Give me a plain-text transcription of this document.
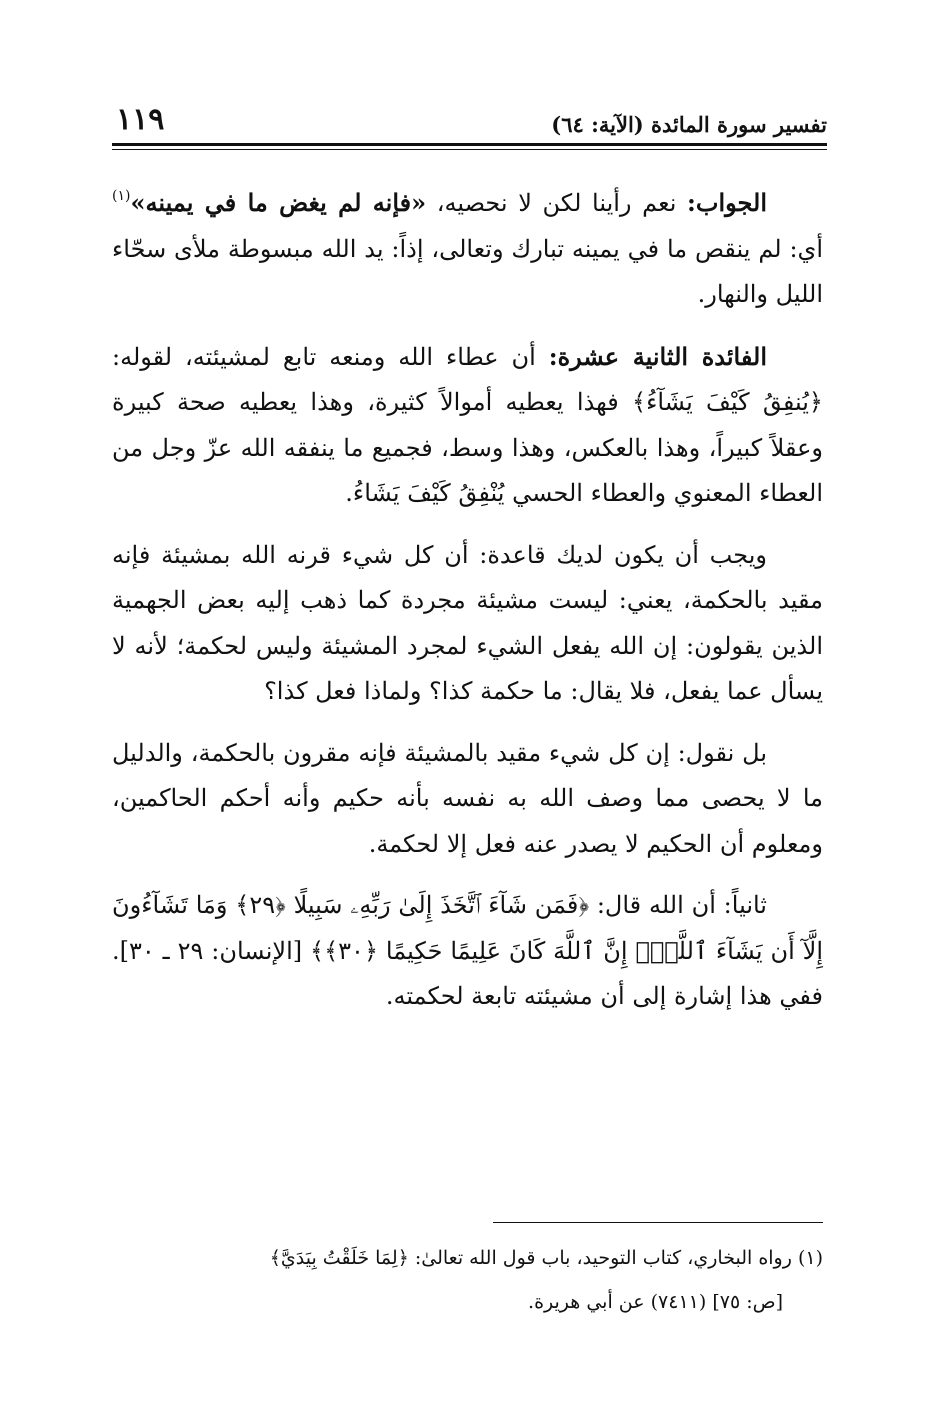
تفسير سورة المائدة (الآية: ٦٤)
١١٩

الجواب: نعم رأينا لكن لا نحصيه، «فإنه لم يغض ما في يمينه»$^{(١)}$ أي: لم ينقص ما في يمينه تبارك وتعالى، إذاً: يد الله مبسوطة ملأى سحّاء الليل والنهار.

الفائدة الثانية عشرة: أن عطاء الله ومنعه تابع لمشيئته، لقوله: ﴿يُنفِقُ كَيْفَ يَشَآءُ﴾ فهذا يعطيه أموالاً كثيرة، وهذا يعطيه صحة كبيرة وعقلاً كبيراً، وهذا بالعكس، وهذا وسط، فجميع ما ينفقه الله عزّ وجل من العطاء المعنوي والعطاء الحسي يُنْفِقُ كَيْفَ يَشَاءُ.

ويجب أن يكون لديك قاعدة: أن كل شيء قرنه الله بمشيئة فإنه مقيد بالحكمة، يعني: ليست مشيئة مجردة كما ذهب إليه بعض الجهمية الذين يقولون: إن الله يفعل الشيء لمجرد المشيئة وليس لحكمة؛ لأنه لا يسأل عما يفعل، فلا يقال: ما حكمة كذا؟ ولماذا فعل كذا؟

بل نقول: إن كل شيء مقيد بالمشيئة فإنه مقرون بالحكمة، والدليل ما لا يحصى مما وصف الله به نفسه بأنه حكيم وأنه أحكم الحاكمين، ومعلوم أن الحكيم لا يصدر عنه فعل إلا لحكمة.

ثانياً: أن الله قال: ﴿فَمَن شَآءَ ٱتَّخَذَ إِلَىٰ رَبِّهِۦ سَبِيلًا ﴿٢٩﴾ وَمَا تَشَآءُونَ إِلَّآ أَن يَشَآءَ ٱللَّهُۚ إِنَّ ٱللَّهَ كَانَ عَلِيمًا حَكِيمًا ﴿٣٠﴾﴾ [الإنسان: ٢٩ ـ ٣٠]. ففي هذا إشارة إلى أن مشيئته تابعة لحكمته.

(١) رواه البخاري، كتاب التوحيد، باب قول الله تعالىٰ: ﴿لِمَا خَلَقْتُ بِيَدَيَّ﴾
[ص: ٧٥] (٧٤١١) عن أبي هريرة.
